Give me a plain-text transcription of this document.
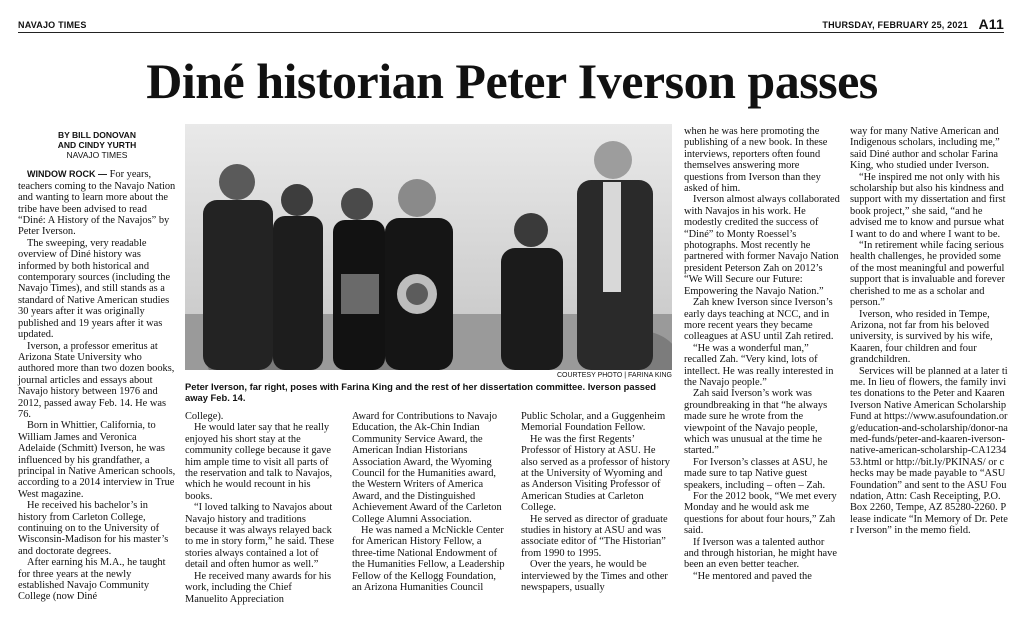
NAVAJO TIMES	THURSDAY, FEBRUARY 25, 2021 A11
Diné historian Peter Iverson passes
BY BILL DONOVAN
AND CINDY YURTH
NAVAJO TIMES

WINDOW ROCK — For years, teachers coming to the Navajo Nation and wanting to learn more about the tribe have been advised to read “Diné: A History of the Navajos” by Peter Iverson.

The sweeping, very readable overview of Diné history was informed by both historical and contemporary sources (including the Navajo Times), and still stands as a standard of Native American studies 30 years after it was originally published and 19 years after it was updated.

Iverson, a professor emeritus at Arizona State University who authored more than two dozen books, journal articles and essays about Navajo history between 1976 and 2012, passed away Feb. 14. He was 76.

Born in Whittier, California, to William James and Veronica Adelaide (Schmitt) Iverson, he was influenced by his grandfather, a principal in Native American schools, according to a 2014 interview in True West magazine.

He received his bachelor’s in history from Carleton College, continuing on to the University of Wisconsin-Madison for his master’s and doctorate degrees.

After earning his M.A., he taught for three years at the newly established Navajo Community College (now Diné

COURTESY PHOTO | FARINA KING
Peter Iverson, far right, poses with Farina King and the rest of her dissertation committee. Iverson passed away Feb. 14.

College).

He would later say that he really enjoyed his short stay at the community college because it gave him ample time to visit all parts of the reservation and talk to Navajos, which he would recount in his books.

“I loved talking to Navajos about Navajo history and traditions because it was always relayed back to me in story form,” he said. These stories always contained a lot of detail and often humor as well.”

He received many awards for his work, including the Chief Manuelito Appreciation

Award for Contributions to Navajo Education, the Ak-Chin Indian Community Service Award, the American Indian Historians Association Award, the Wyoming Council for the Humanities award, the Western Writers of America Award, and the Distinguished Achievement Award of the Carleton College Alumni Association.

He was named a McNickle Center for American History Fellow, a three-time National Endowment of the Humanities Fellow, a Leadership Fellow of the Kellogg Foundation, an Arizona Humanities Council

Public Scholar, and a Guggenheim Memorial Foundation Fellow.

He was the first Regents’ Professor of History at ASU. He also served as a professor of history at the University of Wyoming and as Anderson Visiting Professor of American Studies at Carleton College.

He served as director of graduate studies in history at ASU and was associate editor of “The Historian” from 1990 to 1995.

Over the years, he would be interviewed by the Times and other newspapers, usually

when he was here promoting the publishing of a new book. In these interviews, reporters often found themselves answering more questions from Iverson than they asked of him.

Iverson almost always collaborated with Navajos in his work. He modestly credited the success of “Diné” to Monty Roessel’s photographs. Most recently he partnered with former Navajo Nation president Peterson Zah on 2012’s “We Will Secure our Future: Empowering the Navajo Nation.”

Zah knew Iverson since Iverson’s early days teaching at NCC, and in more recent years they became colleagues at ASU until Zah retired.

“He was a wonderful man,” recalled Zah. “Very kind, lots of intellect. He was really interested in the Navajo people.”

Zah said Iverson’s work was groundbreaking in that “he always made sure he wrote from the viewpoint of the Navajo people, which was unusual at the time he started.”

For Iverson’s classes at ASU, he made sure to tap Native guest speakers, including – often – Zah.

For the 2012 book, “We met every Monday and he would ask me questions for about four hours,” Zah said.

If Iverson was a talented author and through historian, he might have been an even better teacher.

“He mentored and paved the

way for many Native American and Indigenous scholars, including me,” said Diné author and scholar Farina King, who studied under Iverson.

“He inspired me not only with his scholarship but also his kindness and support with my dissertation and first book project,” she said, “and he advised me to know and pursue what I want to do and where I want to be.

“In retirement while facing serious health challenges, he provided some of the most meaningful and powerful support that is invaluable and forever cherished to me as a scholar and person.”

Iverson, who resided in Tempe, Arizona, not far from his beloved university, is survived by his wife, Kaaren, four children and four grandchildren.

Services will be planned at a later time. In lieu of flowers, the family invites donations to the Peter and Kaaren Iverson Native American Scholarship Fund at https://www.asufoundation.org/education-and-scholarship/donor-named-funds/peter-and-kaaren-iverson-native-american-scholarship-CA123453.html or http://bit.ly/PKINAS/ or checks may be made payable to “ASU Foundation” and sent to the ASU Foundation, Attn: Cash Receipting, P.O. Box 2260, Tempe, AZ 85280-2260. Please indicate “In Memory of Dr. Peter Iverson” in the memo field.
